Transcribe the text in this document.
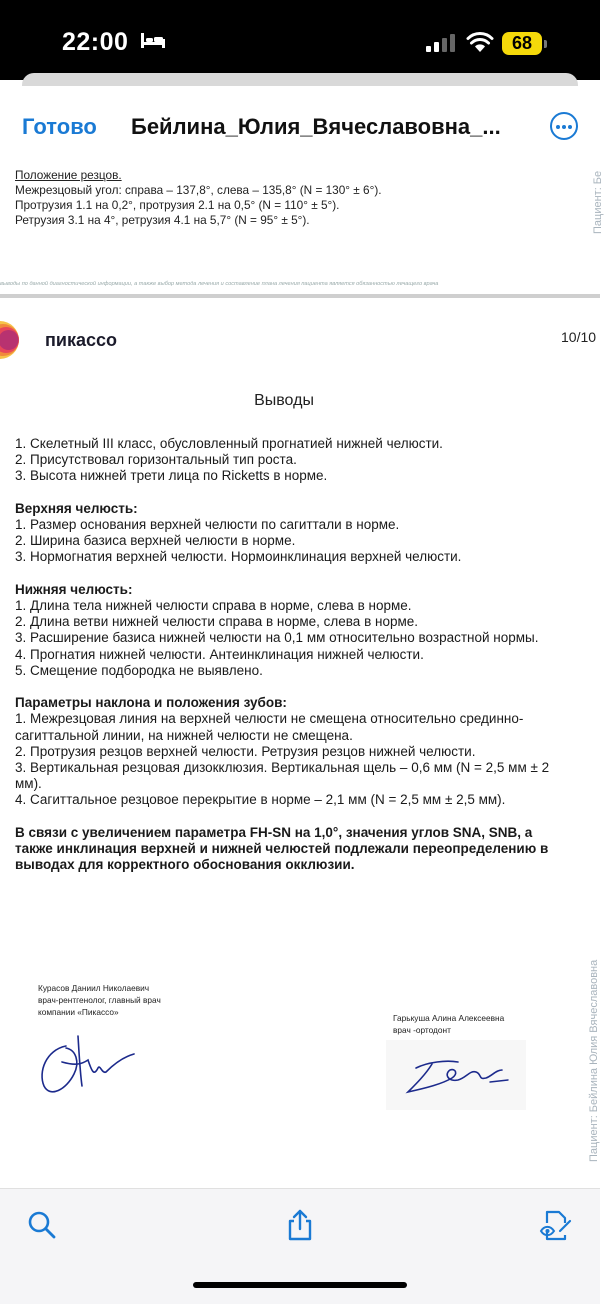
22:00	68
Готово Бейлина_Юлия_Вячеславовна_...
Положение резцов.
Межрезцовый угол: справа – 137,8°, слева – 135,8° (N = 130° ± 6°).
Протрузия 1.1 на 0,2°, протрузия 2.1 на 0,5° (N = 110° ± 5°).
Ретрузия 3.1 на 4°, ретрузия 4.1 на 5,7° (N = 95° ± 5°).
выводы по данной диагностической информации, а также выбор метода лечения и составление плана лечения пациента является обязанностью лечащего врача
Пациент: Бе
пикассо	10/10
Выводы

1. Скелетный III класс, обусловленный прогнатией нижней челюсти.

2. Присутствовал горизонтальный тип роста.

3. Высота нижней трети лица по Ricketts в норме.

Верхняя челюсть:

1. Размер основания верхней челюсти по сагиттали в норме.

2. Ширина базиса верхней челюсти в норме.

3. Нормогнатия верхней челюсти. Нормоинклинация верхней челюсти.

Нижняя челюсть:

1. Длина тела нижней челюсти справа в норме, слева в норме.

2. Длина ветви нижней челюсти справа в норме, слева в норме.

3. Расширение базиса нижней челюсти на 0,1 мм относительно возрастной нормы.

4. Прогнатия нижней челюсти. Антеинклинация нижней челюсти.

5. Смещение подбородка не выявлено.

Параметры наклона и положения зубов:

1. Межрезцовая линия на верхней челюсти не смещена относительно срединно-сагиттальной линии, на нижней челюсти не смещена.

2. Протрузия резцов верхней челюсти. Ретрузия резцов нижней челюсти.

3. Вертикальная резцовая дизокклюзия. Вертикальная щель – 0,6 мм (N = 2,5 мм ± 2 мм).

4. Сагиттальное резцовое перекрытие в норме – 2,1 мм (N = 2,5 мм ± 2,5 мм).

В связи с увеличением параметра FH-SN на 1,0°, значения углов SNA, SNB, а также инклинация верхней и нижней челюстей подлежали переопределению в выводах для корректного обоснования окклюзии.

Курасов Даниил Николаевич
врач-рентгенолог, главный врач
компании «Пикассо»
Гарькуша Алина Алексеевна
врач -ортодонт	Пациент: Бейлина Юлия Вячеславовна
